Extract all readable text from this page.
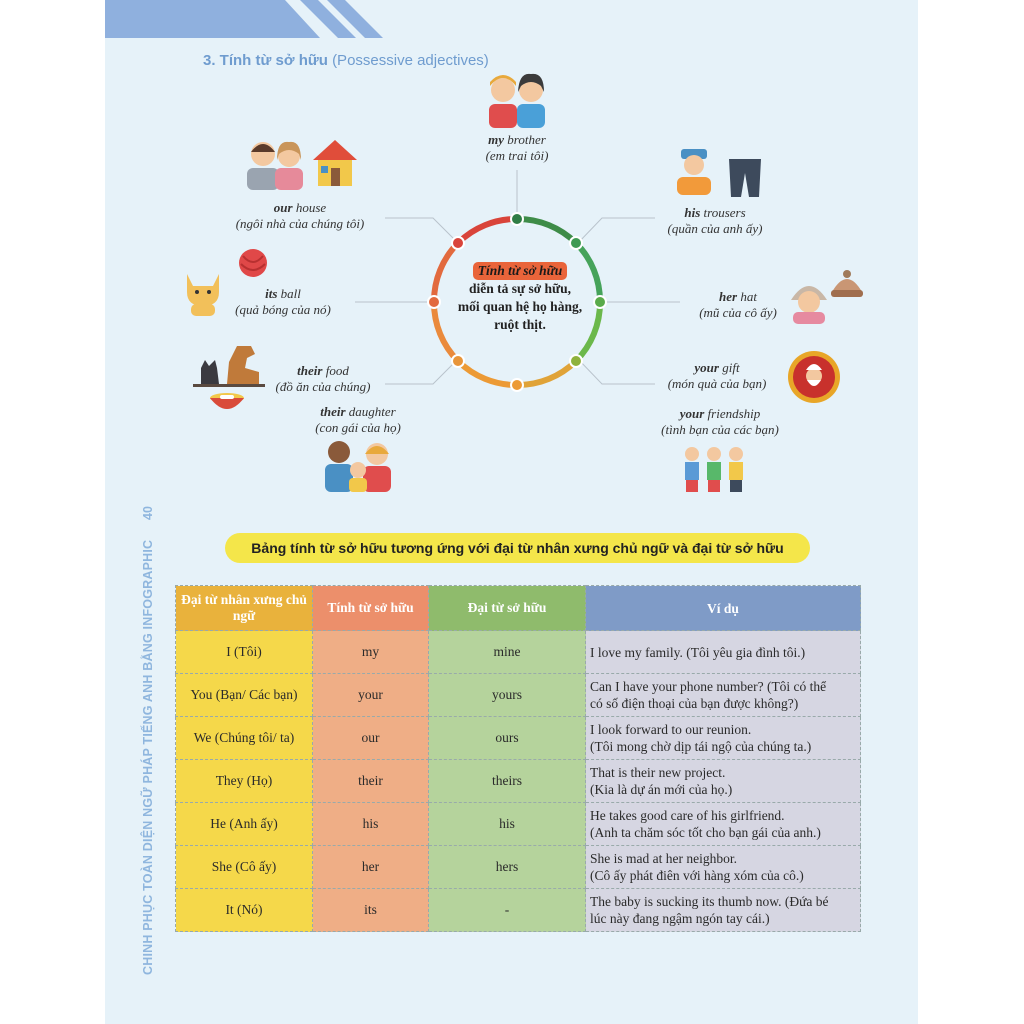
3. Tính từ sở hữu (Possessive adjectives)
Tính từ sở hữu
diễn tả sự sở hữu,
mối quan hệ họ hàng,
ruột thịt.
my brother
(em trai tôi)
his trousers
(quần của anh ấy)
her hat
(mũ của cô ấy)
your gift
(món quà của bạn)
your friendship
(tình bạn của các bạn)
their daughter
(con gái của họ)
their food
(đồ ăn của chúng)
its ball
(quả bóng của nó)
our house
(ngôi nhà của chúng tôi)
Bảng tính từ sở hữu tương ứng với đại từ nhân xưng chủ ngữ và đại từ sở hữu
Đại từ nhân xưng chủ ngữ	Tính từ sở hữu	Đại từ sở hữu	Ví dụ
I (Tôi)	my	mine	I love my family. (Tôi yêu gia đình tôi.)
You (Bạn/ Các bạn)	your	yours	Can I have your phone number? (Tôi có thể
có số điện thoại của bạn được không?)
We (Chúng tôi/ ta)	our	ours	I look forward to our reunion.
(Tôi mong chờ dịp tái ngộ của chúng ta.)
They (Họ)	their	theirs	That is their new project.
(Kia là dự án mới của họ.)
He (Anh ấy)	his	his	He takes good care of his girlfriend.
(Anh ta chăm sóc tốt cho bạn gái của anh.)
She (Cô ấy)	her	hers	She is mad at her neighbor.
(Cô ấy phát điên với hàng xóm của cô.)
It (Nó)	its	-	The baby is sucking its thumb now. (Đứa bé
lúc này đang ngậm ngón tay cái.)
CHINH PHỤC TOÀN DIỆN NGỮ PHÁP TIẾNG ANH BẰNG INFOGRAPHIC
40
